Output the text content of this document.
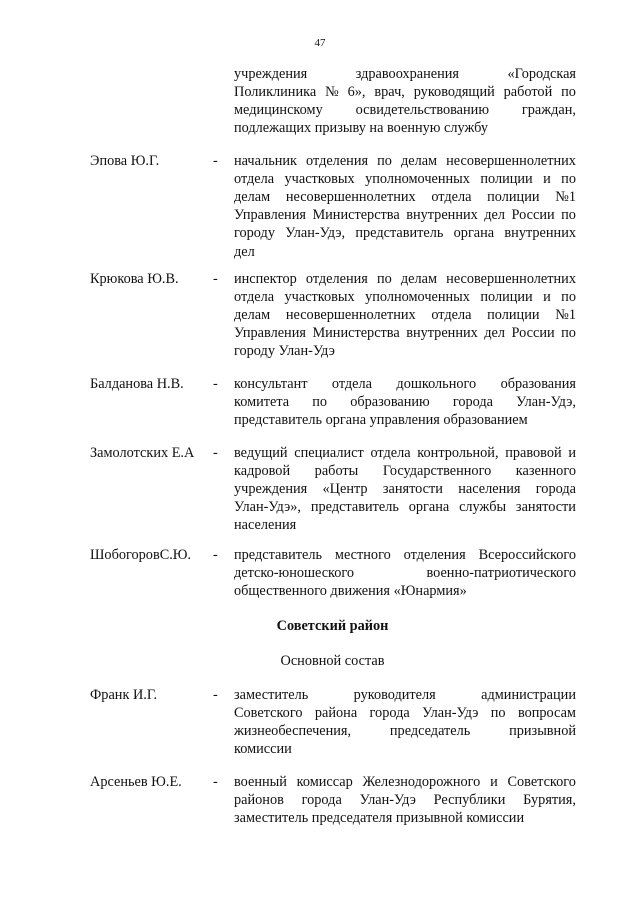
47
учреждения	здравоохранения	«Городская
Поликлиника № 6», врач, руководящий работой по
медицинскому освидетельствованию граждан,
подлежащих призыву на военную службу
Эпова Ю.Г.	- начальник отделения по делам несовершеннолетних
отдела участковых уполномоченных полиции и по
делам несовершеннолетних отдела полиции №1
Управления Министерства внутренних дел России по
городу Улан-Удэ, представитель органа внутренних
дел
Крюкова Ю.В. - инспектор отделения по делам несовершеннолетних
отдела участковых уполномоченных полиции и по
делам несовершеннолетних отдела полиции №1
Управления Министерства внутренних дел России по
городу Улан-Удэ
Балданова Н.В. - консультант отдела дошкольного образования
комитета по образованию города Улан-Удэ,
представитель органа управления образованием
Замолотских Е.А - ведущий специалист отдела контрольной, правовой и
кадровой работы Государственного казенного
учреждения «Центр занятости населения города
Улан-Удэ», представитель органа службы занятости
населения
ШобогоровС.Ю. - представитель местного отделения Всероссийского
детско-юношеского	военно-патриотического
общественного движения «Юнармия»
Советский район
Основной состав
Франк И.Г.	- заместитель	руководителя	администрации
Советского района города Улан-Удэ по вопросам
жизнеобеспечения,	председатель	призывной
комиссии
Арсеньев Ю.Е. - военный комиссар Железнодорожного и Советского
районов города Улан-Удэ Республики Бурятия,
заместитель председателя призывной комиссии
